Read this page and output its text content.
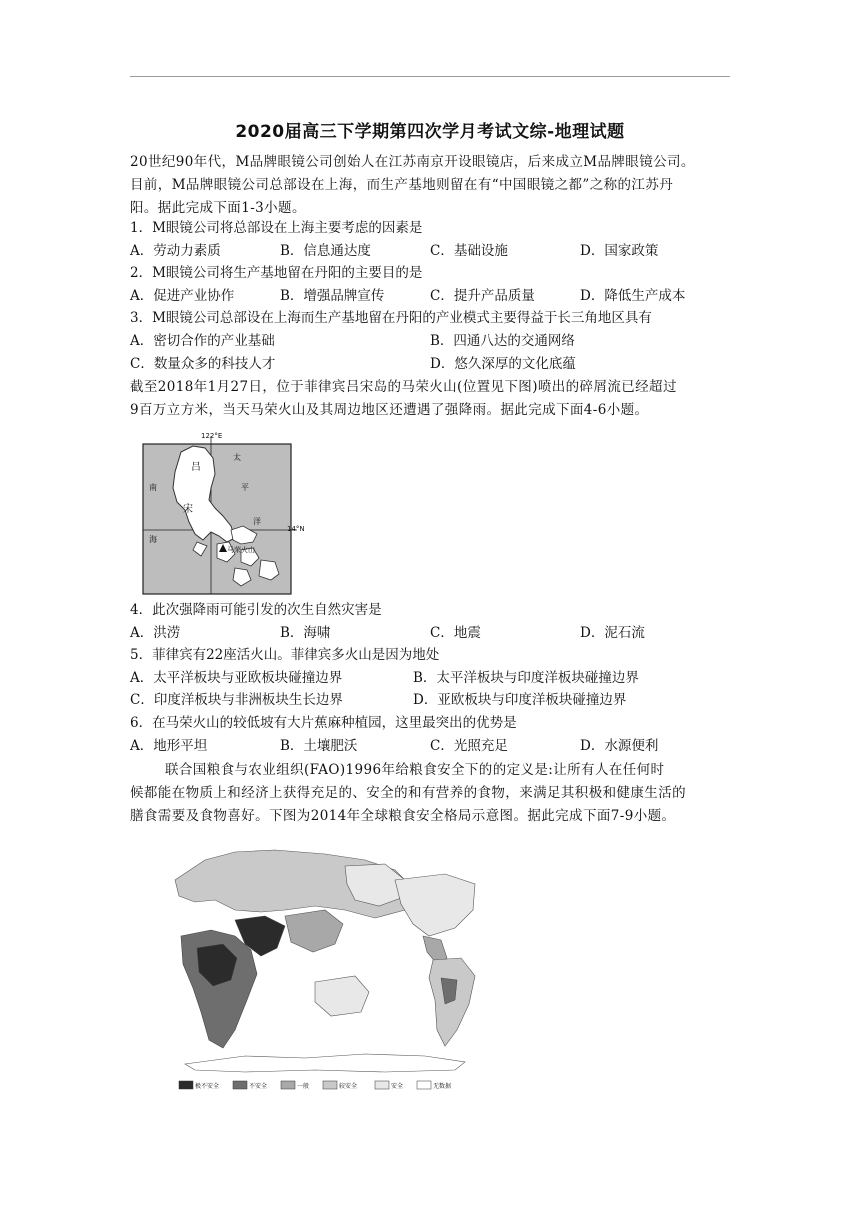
2020届高三下学期第四次学月考试文综-地理试题
20世纪90年代，M品牌眼镜公司创始人在江苏南京开设眼镜店，后来成立M品牌眼镜公司。
目前，M品牌眼镜公司总部设在上海，而生产基地则留在有“中国眼镜之都”之称的江苏丹
阳。据此完成下面1-3小题。
1．M眼镜公司将总部设在上海主要考虑的因素是
A．劳动力素质	B．信息通达度	C．基础设施	D．国家政策
2．M眼镜公司将生产基地留在丹阳的主要目的是
A．促进产业协作	B．增强品牌宣传	C．提升产品质量	D．降低生产成本
3．M眼镜公司总部设在上海而生产基地留在丹阳的产业模式主要得益于长三角地区具有
A．密切合作的产业基础	B．四通八达的交通网络
C．数量众多的科技人才	D．悠久深厚的文化底蕴
截至2018年1月27日，位于菲律宾吕宋岛的马荣火山(位置见下图)喷出的碎屑流已经超过
9百万立方米，当天马荣火山及其周边地区还遭遇了强降雨。据此完成下面4-6小题。
122°E
14°N
吕
宋
南
海
太
平
洋
马荣火山
4．此次强降雨可能引发的次生自然灾害是
A．洪涝	B．海啸	C．地震	D．泥石流
5．菲律宾有22座活火山。菲律宾多火山是因为地处
A．太平洋板块与亚欧板块碰撞边界	B．太平洋板块与印度洋板块碰撞边界
C．印度洋板块与非洲板块生长边界	D．亚欧板块与印度洋板块碰撞边界
6．在马荣火山的较低坡有大片蕉麻种植园，这里最突出的优势是
A．地形平坦	B．土壤肥沃	C．光照充足	D．水源便利
联合国粮食与农业组织(FAO)1996年给粮食安全下的的定义是:让所有人在任何时
候都能在物质上和经济上获得充足的、安全的和有营养的食物，来满足其积极和健康生活的
膳食需要及食物喜好。下图为2014年全球粮食安全格局示意图。据此完成下面7-9小题。
极不安全	不安全	一般	较安全	安全	无数据
